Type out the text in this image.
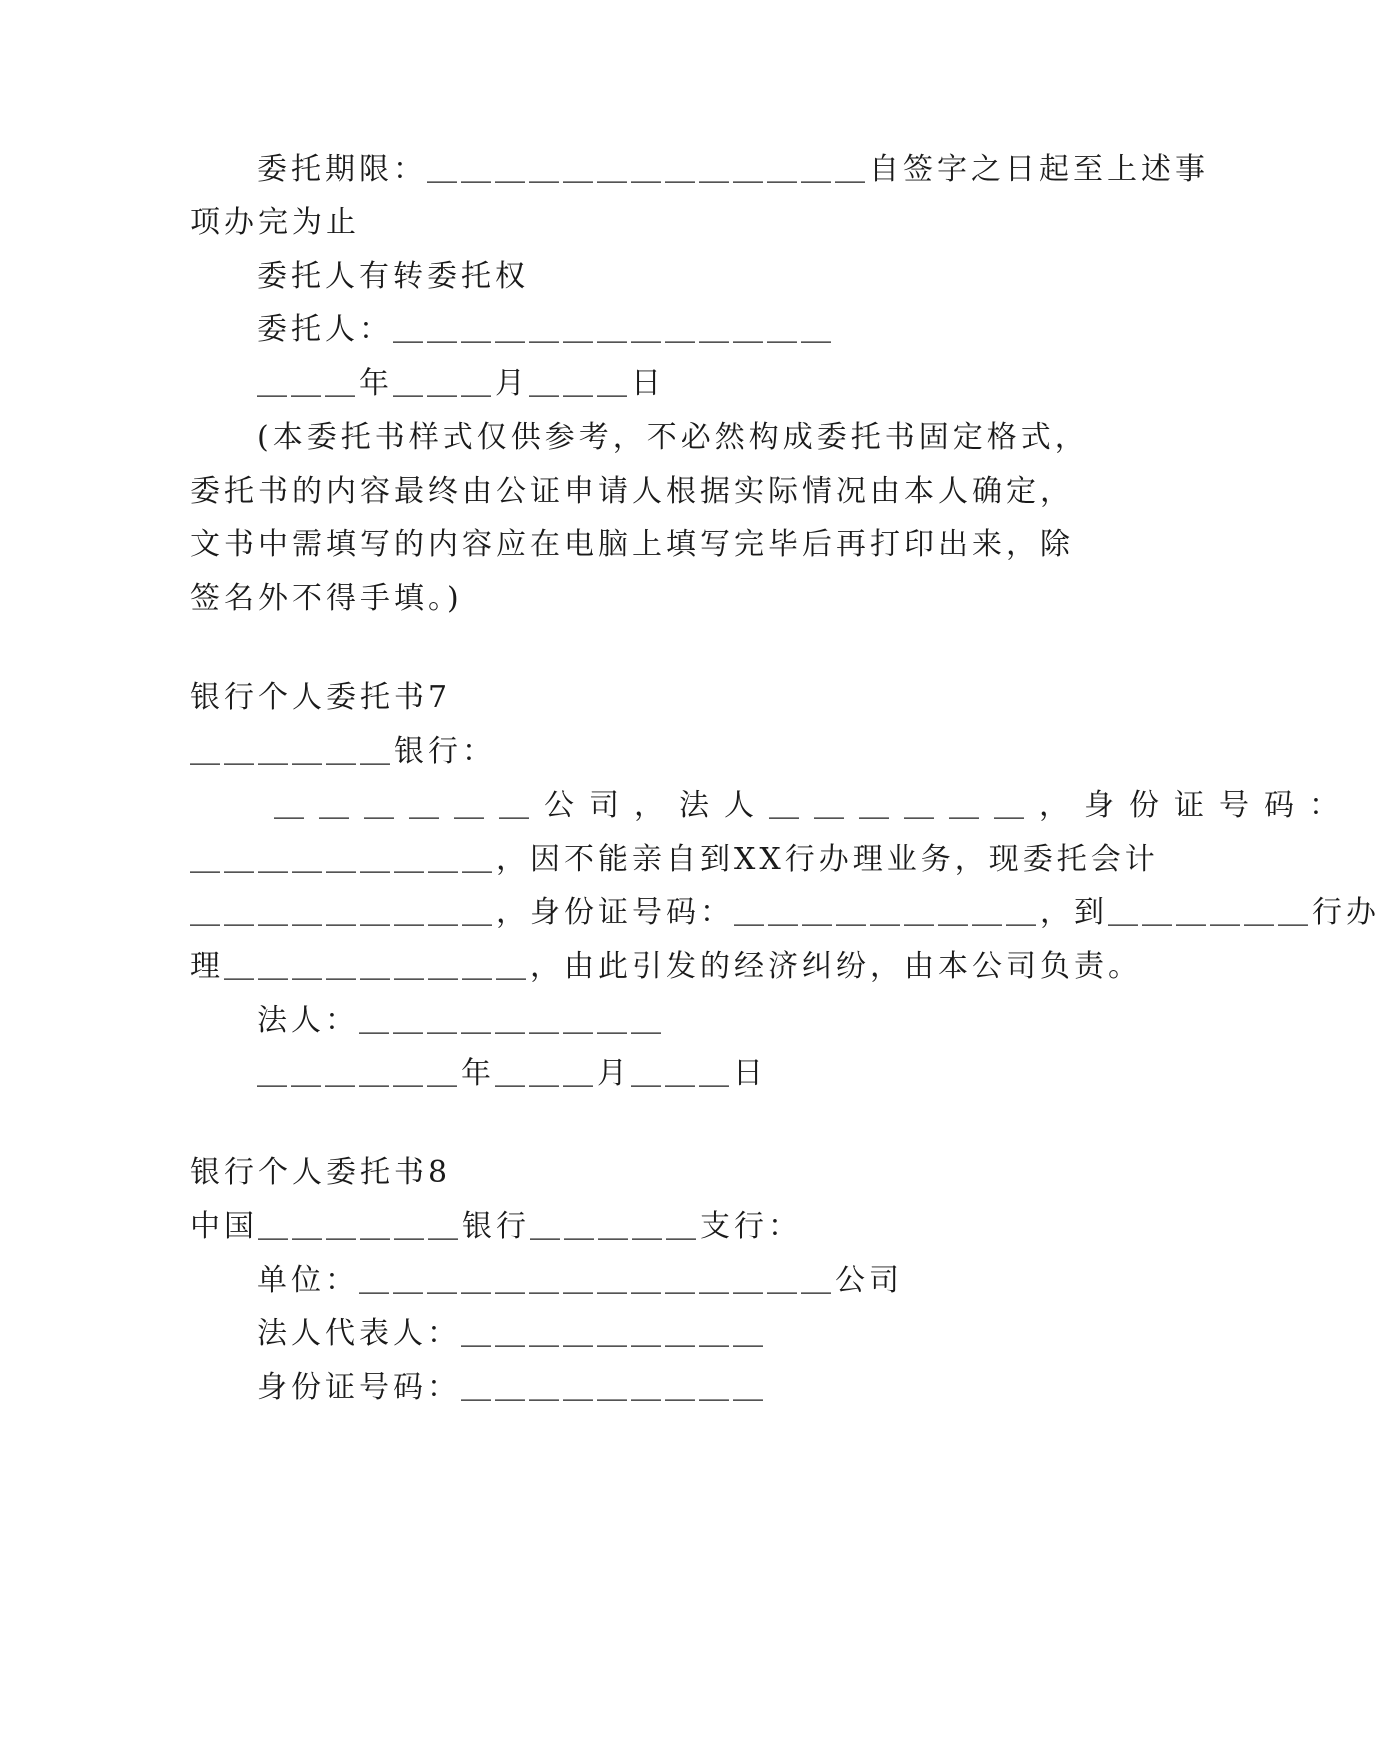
委托期限：＿＿＿＿＿＿＿＿＿＿＿＿＿自签字之日起至上述事
项办完为止
委托人有转委托权
委托人：＿＿＿＿＿＿＿＿＿＿＿＿＿
＿＿＿年＿＿＿月＿＿＿日
(本委托书样式仅供参考，不必然构成委托书固定格式，
委托书的内容最终由公证申请人根据实际情况由本人确定，
文书中需填写的内容应在电脑上填写完毕后再打印出来，除
签名外不得手填。)
银行个人委托书7
＿＿＿＿＿＿银行：
＿＿＿＿＿＿公司，法人＿＿＿＿＿＿，身份证号码：
＿＿＿＿＿＿＿＿＿，因不能亲自到XX行办理业务，现委托会计
＿＿＿＿＿＿＿＿＿，身份证号码：＿＿＿＿＿＿＿＿＿，到＿＿＿＿＿＿行办
理＿＿＿＿＿＿＿＿＿，由此引发的经济纠纷，由本公司负责。
法人：＿＿＿＿＿＿＿＿＿
＿＿＿＿＿＿年＿＿＿月＿＿＿日
银行个人委托书8
中国＿＿＿＿＿＿银行＿＿＿＿＿支行：
单位：＿＿＿＿＿＿＿＿＿＿＿＿＿＿公司
法人代表人：＿＿＿＿＿＿＿＿＿
身份证号码：＿＿＿＿＿＿＿＿＿
